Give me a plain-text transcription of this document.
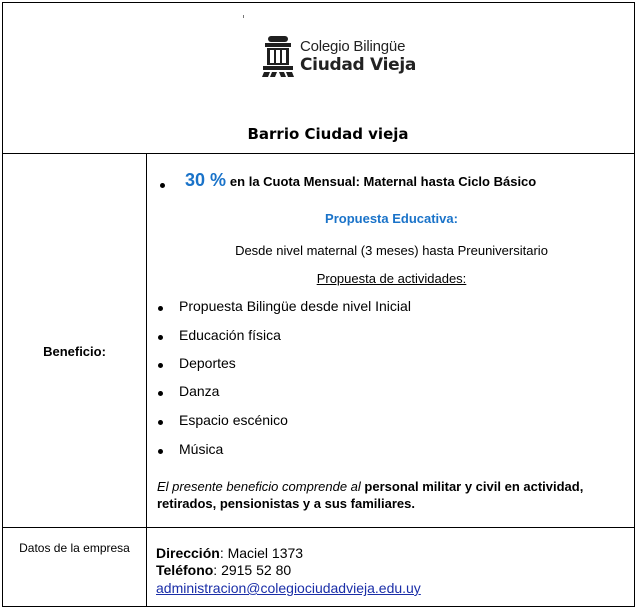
Colegio Bilingüe
Ciudad Vieja
Barrio Ciudad vieja
Beneficio:
30 % en la Cuota Mensual: Maternal hasta Ciclo Básico
Propuesta Educativa:
Desde nivel maternal (3 meses) hasta Preuniversitario
Propuesta de actividades:
Propuesta Bilingüe desde nivel Inicial
Educación física
Deportes
Danza
Espacio escénico
Música
El presente beneficio comprende al personal militar y civil en actividad, retirados, pensionistas y a sus familiares.
Datos de la empresa	Dirección: Maciel 1373
Teléfono: 2915 52 80
administracion@colegiociudadvieja.edu.uy
